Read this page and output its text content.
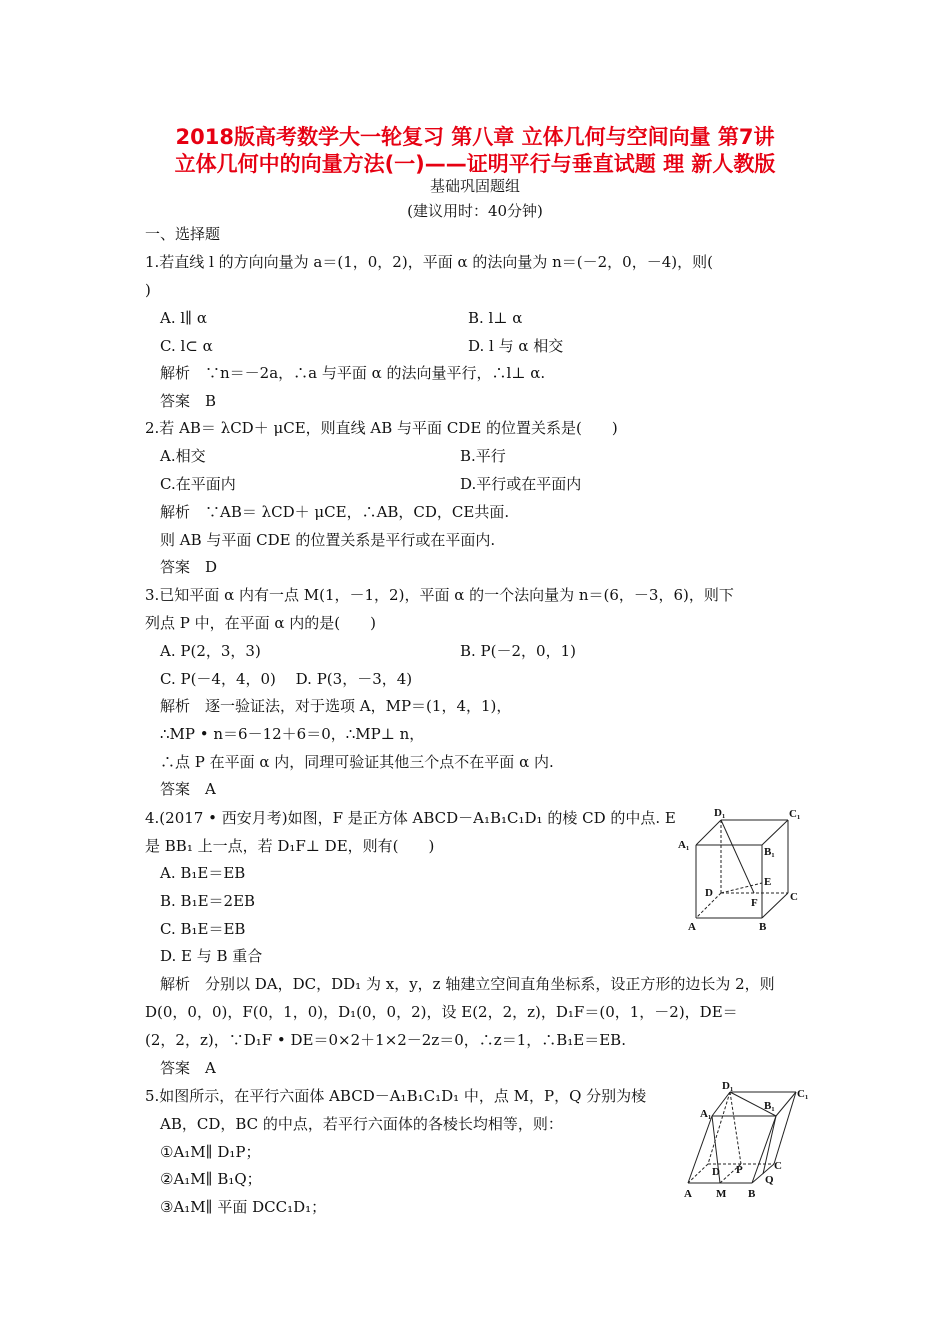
2018版高考数学大一轮复习 第八章 立体几何与空间向量 第7讲
立体几何中的向量方法(一)——证明平行与垂直试题 理 新人教版
基础巩固题组
(建议用时：40分钟)
一、选择题
1.若直线 l 的方向向量为 a＝(1，0，2)，平面 α 的法向量为 n＝(－2，0，－4)，则(
)
A. l∥ α	B. l⊥ α
C. l⊂ α	D. l 与 α 相交
解析　∵n＝－2a，∴a 与平面 α 的法向量平行，∴l⊥ α.
答案　B
2.若 AB＝ λCD＋ μCE，则直线 AB 与平面 CDE 的位置关系是(　　)
A.相交	B.平行
C.在平面内	D.平行或在平面内
解析　∵AB＝ λCD＋ μCE，∴AB，CD，CE共面.
则 AB 与平面 CDE 的位置关系是平行或在平面内.
答案　D
3.已知平面 α 内有一点 M(1，－1，2)，平面 α 的一个法向量为 n＝(6，－3，6)，则下
列点 P 中，在平面 α 内的是(　　)
A. P(2，3，3)	B. P(－2，0，1)
C. P(－4，4，0)　 D. P(3，－3，4)
解析　逐一验证法，对于选项 A，MP＝(1，4，1)，
∴MP • n＝6－12＋6＝0，∴MP⊥ n，
∴点 P 在平面 α 内，同理可验证其他三个点不在平面 α 内.
答案　A
4.(2017 • 西安月考)如图，F 是正方体 ABCD－A₁B₁C₁D₁ 的棱 CD 的中点. E
是 BB₁ 上一点，若 D₁F⊥ DE，则有(　　)
A. B₁E＝EB
B. B₁E＝2EB
C. B₁E＝EB
D. E 与 B 重合
解析　分别以 DA，DC，DD₁ 为 x，y，z 轴建立空间直角坐标系，设正方形的边长为 2，则
D(0，0，0)，F(0，1，0)，D₁(0，0，2)，设 E(2，2，z)，D₁F＝(0，1，－2)，DE＝
(2，2，z)，∵D₁F • DE＝0×2＋1×2－2z＝0，∴z＝1，∴B₁E＝EB.
答案　A
D₁	C₁
A₁
B₁
E
D	C
F
A	B
5.如图所示，在平行六面体 ABCD－A₁B₁C₁D₁ 中，点 M，P，Q 分别为棱
AB，CD，BC 的中点，若平行六面体的各棱长均相等，则：
①A₁M∥ D₁P；
②A₁M∥ B₁Q；
③A₁M∥ 平面 DCC₁D₁；
D₁
C₁
A₁
B₁
D P	C
Q
A M B
